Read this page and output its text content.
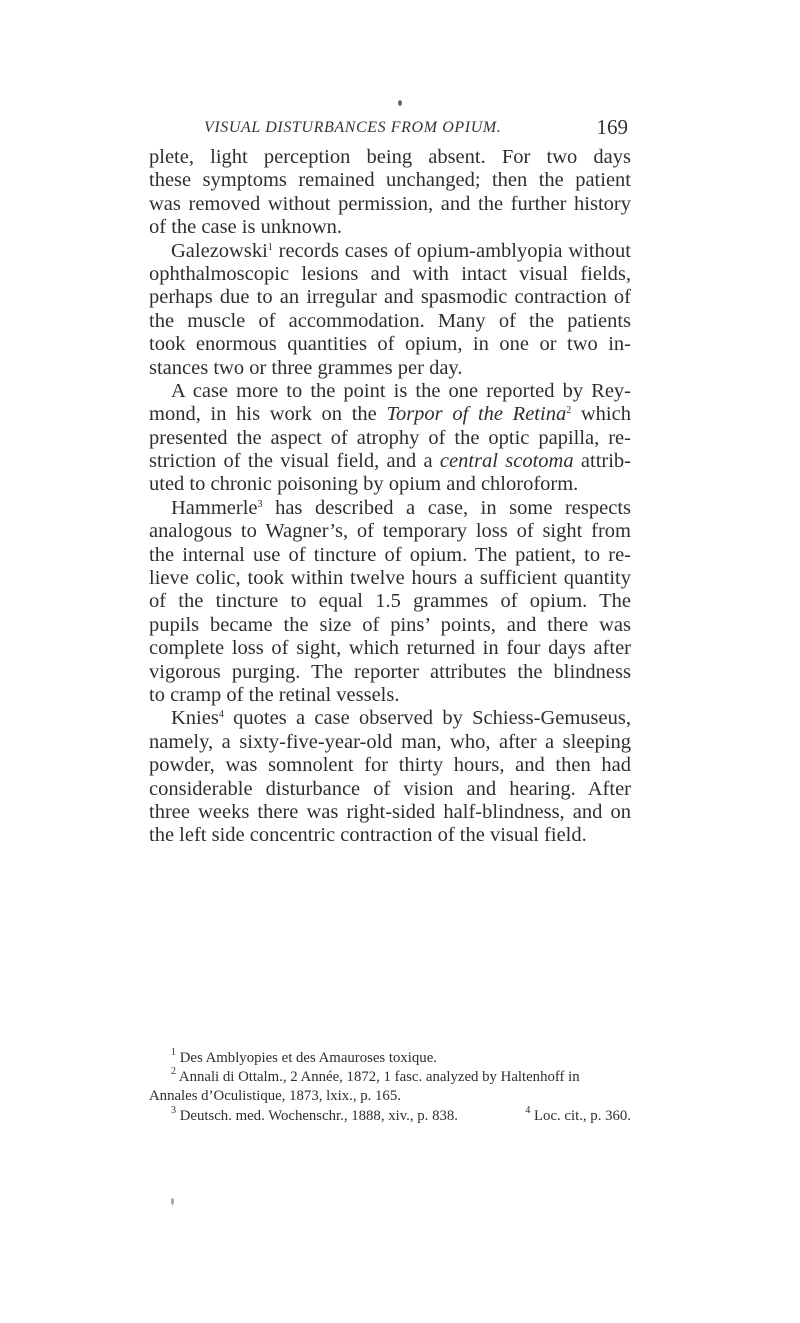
VISUAL DISTURBANCES FROM OPIUM.	169
plete, light perception being absent. For two days
these symptoms remained unchanged; then the patient
was removed without permission, and the further history
of the case is unknown.
Galezowski$^1$ records cases of opium-amblyopia without
ophthalmoscopic lesions and with intact visual fields,
perhaps due to an irregular and spasmodic contraction of
the muscle of accommodation. Many of the patients
took enormous quantities of opium, in one or two in-
stances two or three grammes per day.
A case more to the point is the one reported by Rey-
mond, in his work on the Torpor of the Retina$^2$ which
presented the aspect of atrophy of the optic papilla, re-
striction of the visual field, and a central scotoma attrib-
uted to chronic poisoning by opium and chloroform.
Hammerle$^3$ has described a case, in some respects
analogous to Wagner’s, of temporary loss of sight from
the internal use of tincture of opium. The patient, to re-
lieve colic, took within twelve hours a sufficient quantity
of the tincture to equal 1.5 grammes of opium. The
pupils became the size of pins’ points, and there was
complete loss of sight, which returned in four days after
vigorous purging. The reporter attributes the blindness
to cramp of the retinal vessels.
Knies$^4$ quotes a case observed by Schiess-Gemuseus,
namely, a sixty-five-year-old man, who, after a sleeping
powder, was somnolent for thirty hours, and then had
considerable disturbance of vision and hearing. After
three weeks there was right-sided half-blindness, and on
the left side concentric contraction of the visual field.
$^1$ Des Amblyopies et des Amauroses toxique.
$^2$ Annali di Ottalm., 2 Année, 1872, 1 fasc. analyzed by Haltenhoff in
Annales d’Oculistique, 1873, lxix., p. 165.
$^3$ Deutsch. med. Wochenschr., 1888, xiv., p. 838.	$^4$ Loc. cit., p. 360.
